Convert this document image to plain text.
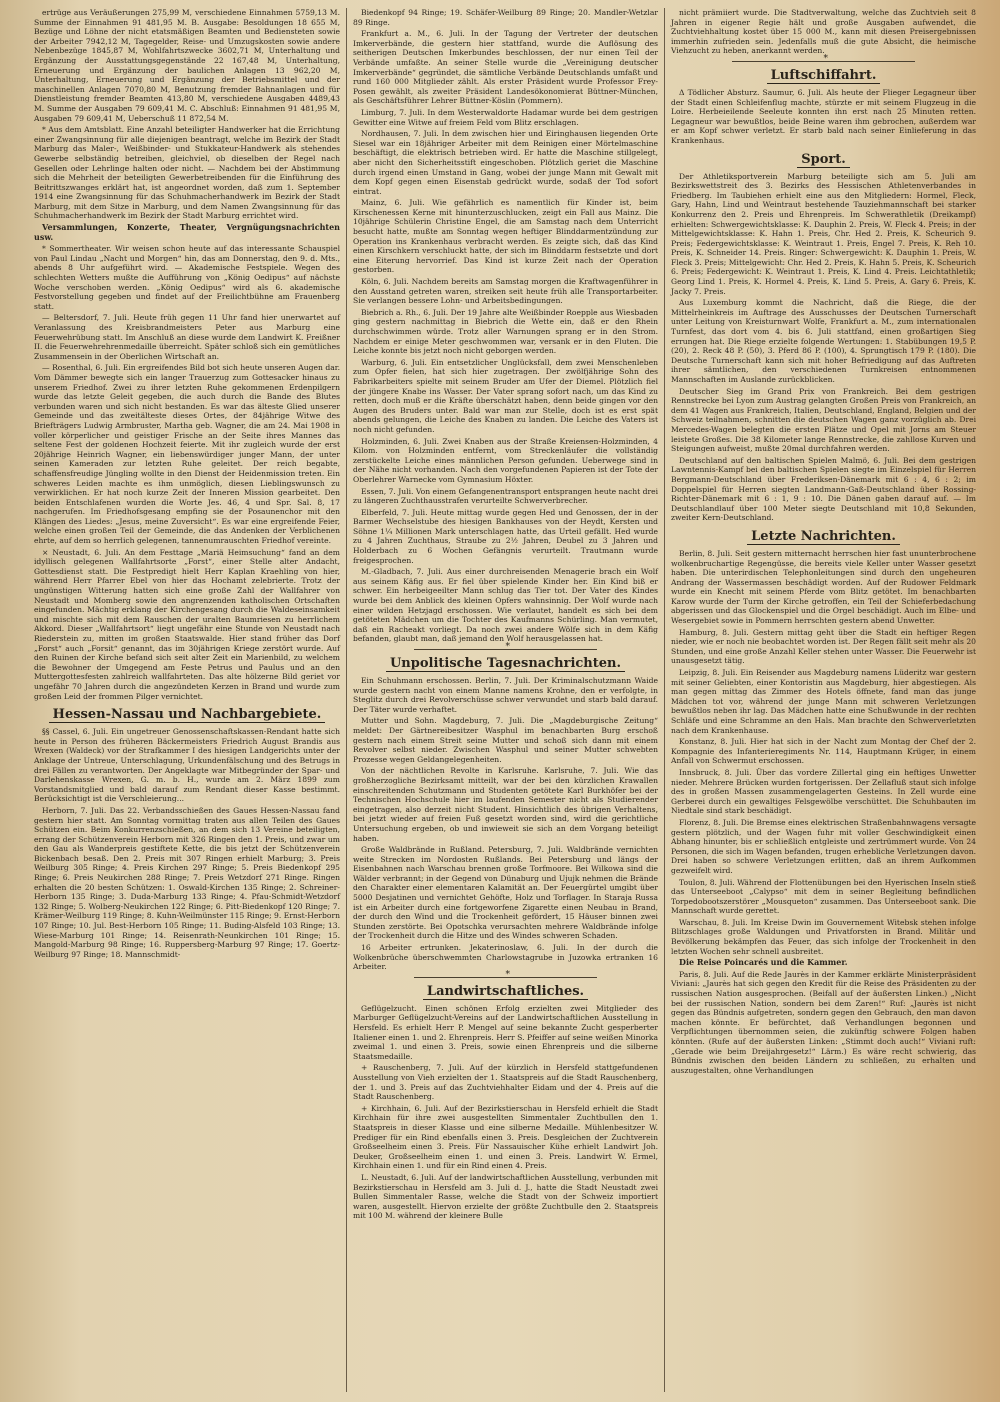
ertrüge aus Veräußerungen 275,99 M, verschiedene Einnahmen 5759,13 M. Summe der Einnahmen 91 481,95 M. B. Ausgabe: Besoldungen 18 655 M, Bezüge und Löhne der nicht etatsmäßigen Beamten und Bediensteten sowie der Arbeiter 7942,12 M, Tagegelder, Reise- und Umzugskosten sowie andere Nebenbezüge 1845,87 M, Wohlfahrtszwecke 3602,71 M, Unterhaltung und Ergänzung der Ausstattungsgegenstände 22 167,48 M, Unterhaltung, Erneuerung und Ergänzung der baulichen Anlagen 13 962,20 M, Unterhaltung, Erneuerung und Ergänzung der Betriebsmittel und der maschinellen Anlagen 7070,80 M, Benutzung fremder Bahnanlagen und für Dienstleistung fremder Beamten 413,80 M, verschiedene Ausgaben 4489,43 M. Summe der Ausgaben 79 609,41 M. C. Abschluß: Einnahmen 91 481,95 M, Ausgaben 79 609,41 M, Ueberschuß 11 872,54 M.

* Aus dem Amtsblatt. Eine Anzahl beteiligter Handwerker hat die Errichtung einer Zwangsinnung für alle diejenigen beantragt, welche im Bezirk der Stadt Marburg das Maler-, Weißbinder- und Stukkateur-Handwerk als stehendes Gewerbe selbständig betreiben, gleichviel, ob dieselben der Regel nach Gesellen oder Lehrlinge halten oder nicht. — Nachdem bei der Abstimmung sich die Mehrheit der beteiligten Gewerbetreibenden für die Einführung des Beitrittszwanges erklärt hat, ist angeordnet worden, daß zum 1. September 1914 eine Zwangsinnung für das Schuhmacherhandwerk im Bezirk der Stadt Marburg, mit dem Sitze in Marburg, und dem Namen Zwangsinnung für das Schuhmacherhandwerk im Bezirk der Stadt Marburg errichtet wird.

Versammlungen, Konzerte, Theater, Vergnügungsnachrichten usw.

* Sommertheater. Wir weisen schon heute auf das interessante Schauspiel von Paul Lindau „Nacht und Morgen“ hin, das am Donnerstag, den 9. d. Mts., abends 8 Uhr aufgeführt wird. — Akademische Festspiele. Wegen des schlechten Wetters mußte die Aufführung von „König Oedipus“ auf nächste Woche verschoben werden. „König Oedipus“ wird als 6. akademische Festvorstellung gegeben und findet auf der Freilichtbühne am Frauenberg statt.

— Beltersdorf, 7. Juli. Heute früh gegen 11 Uhr fand hier unerwartet auf Veranlassung des Kreisbrandmeisters Peter aus Marburg eine Feuerwehrübung statt. Im Anschluß an diese wurde dem Landwirt K. Freißner II. die Feuerwehrehrenmedaille überreicht. Später schloß sich ein gemütliches Zusammensein in der Oberlichen Wirtschaft an.

— Rosenthal, 6. Juli. Ein ergreifendes Bild bot sich heute unseren Augen dar. Vom Dämmer bewegte sich ein langer Trauerzug zum Gottesacker hinaus zu unserem Friedhof. Zwei zu ihrer letzten Ruhe gekommenen Erdenpilgern wurde das letzte Geleit gegeben, die auch durch die Bande des Blutes verbunden waren und sich nicht bestanden. Es war das älteste Glied unserer Gemeinde und das zweitälteste dieses Ortes, der 84jährige Witwe des Briefträgers Ludwig Armbruster, Martha geb. Wagner, die am 24. Mai 1908 in voller körperlicher und geistiger Frische an der Seite ihres Mannes das seltene Fest der goldenen Hochzeit feierte. Mit ihr zugleich wurde der erst 20jährige Heinrich Wagner, ein liebenswürdiger junger Mann, der unter seinen Kameraden zur letzten Ruhe geleitet. Der reich begabte, schaffensfreudige Jüngling wollte in den Dienst der Heidenmission treten. Ein schweres Leiden machte es ihm unmöglich, diesen Lieblingswunsch zu verwirklichen. Er hat noch kurze Zeit der Inneren Mission gearbeitet. Den beiden Entschlafenen wurden die Worte Jes. 46, 4 und Spr. Sal. 8, 17 nachgerufen. Im Friedhofsgesang empfing sie der Posaunenchor mit den Klängen des Liedes: „Jesus, meine Zuversicht“. Es war eine ergreifende Feier, welche einen großen Teil der Gemeinde, die das Andenken der Verblichenen ehrte, auf dem so herrlich gelegenen, tannenumrauschten Friedhof vereinte.

× Neustadt, 6. Juli. An dem Festtage „Mariä Heimsuchung“ fand an dem idyllisch gelegenen Wallfahrtsorte „Forst“, einer Stelle alter Andacht, Gottesdienst statt. Die Festpredigt hielt Herr Kaplan Kraehling von hier, während Herr Pfarrer Ebel von hier das Hochamt zelebrierte. Trotz der ungünstigen Witterung hatten sich eine große Zahl der Wallfahrer von Neustadt und Momberg sowie den angrenzenden katholischen Ortschaften eingefunden. Mächtig erklang der Kirchengesang durch die Waldeseinsamkeit und mischte sich mit dem Rauschen der uralten Baumriesen zu herrlichem Akkord. Dieser „Wallfahrtsort“ liegt ungefähr eine Stunde von Neustadt nach Riederstein zu, mitten im großen Staatswalde. Hier stand früher das Dorf „Forst“ auch „Forsit“ genannt, das im 30jährigen Kriege zerstört wurde. Auf den Ruinen der Kirche befand sich seit alter Zeit ein Marienbild, zu welchem die Bewohner der Umgegend am Feste Petrus und Paulus und an den Muttergottesfesten zahlreich wallfahrteten. Das alte hölzerne Bild geriet vor ungefähr 70 Jahren durch die angezündeten Kerzen in Brand und wurde zum großen Leid der frommen Pilger vernichtet.

Hessen-Nassau und Nachbargebiete.

§§ Cassel, 6. Juli. Ein ungetreuer Genossenschaftskassen-Rendant hatte sich heute in Person des früheren Bäckermeisters Friedrich August Brandis aus Wrexen (Waldeck) vor der Strafkammer I des hiesigen Landgerichts unter der Anklage der Untreue, Unterschlagung, Urkundenfälschung und des Betrugs in drei Fällen zu verantworten. Der Angeklagte war Mitbegründer der Spar- und Darlehenskasse Wrexen, G. m. b. H., wurde am 2. März 1899 zum Vorstandsmitglied und bald darauf zum Rendant dieser Kasse bestimmt. Berücksichtigt ist die Verschleierung...

Herborn, 7. Juli. Das 22. Verbandsschießen des Gaues Hessen-Nassau fand gestern hier statt. Am Sonntag vormittag traten aus allen Teilen des Gaues Schützen ein. Beim Konkurrenzschießen, an dem sich 13 Vereine beteiligten, errang der Schützenverein Herborn mit 326 Ringen den 1. Preis, und zwar um den Gau als Wanderpreis gestiftete Kette, die bis jetzt der Schützenverein Bickenbach besaß. Den 2. Preis mit 307 Ringen erhielt Marburg; 3. Preis Weilburg 305 Ringe; 4. Preis Kirchen 297 Ringe; 5. Preis Biedenkopf 295 Ringe; 6. Preis Neukirchen 288 Ringe; 7. Preis Wetzdorf 271 Ringe. Ringen erhalten die 20 besten Schützen: 1. Oswald-Kirchen 135 Ringe; 2. Schreiner-Herborn 135 Ringe; 3. Duda-Marburg 133 Ringe; 4. Pfau-Schmidt-Wetzdorf 132 Ringe; 5. Wolberg-Neukirchen 122 Ringe; 6. Pitt-Biedenkopf 120 Ringe; 7. Krämer-Weilburg 119 Ringe; 8. Kuhn-Weilmünster 115 Ringe; 9. Ernst-Herborn 107 Ringe; 10. Jul. Best-Herborn 105 Ringe; 11. Buding-Alsfeld 103 Ringe; 13. Wiese-Marburg 101 Ringe; 14. Reisenrath-Neunkirchen 101 Ringe; 15. Mangold-Marburg 98 Ringe; 16. Ruppersberg-Marburg 97 Ringe; 17. Goertz-Weilburg 97 Ringe; 18. Mannschmidt-

Biedenkopf 94 Ringe; 19. Schäfer-Weilburg 89 Ringe; 20. Mandler-Wetzlar 89 Ringe.

Frankfurt a. M., 6. Juli. In der Tagung der Vertreter der deutschen Imkerverbände, die gestern hier stattfand, wurde die Auflösung des seitherigen Deutschen Imkerbundes beschlossen, der nur einen Teil der Verbände umfaßte. An seiner Stelle wurde die „Vereinigung deutscher Imkerverbände“ gegründet, die sämtliche Verbände Deutschlands umfaßt und rund 160 000 Mitglieder zählt. Als erster Präsident wurde Professor Frey-Posen gewählt, als zweiter Präsident Landesökonomierat Büttner-München, als Geschäftsführer Lehrer Büttner-Köslin (Pommern).

Limburg, 7. Juli. In dem Westerwaldorte Hadamar wurde bei dem gestrigen Gewitter eine Witwe auf freiem Feld vom Blitz erschlagen.

Nordhausen, 7. Juli. In dem zwischen hier und Eiringhausen liegenden Orte Siesel war ein 18jähriger Arbeiter mit dem Reinigen einer Mörtelmaschine beschäftigt, die elektrisch betrieben wird. Er hatte die Maschine stillgelegt, aber nicht den Sicherheitsstift eingeschoben. Plötzlich geriet die Maschine durch irgend einen Umstand in Gang, wobei der junge Mann mit Gewalt mit dem Kopf gegen einen Eisenstab gedrückt wurde, sodaß der Tod sofort eintrat.

Mainz, 6. Juli. Wie gefährlich es namentlich für Kinder ist, beim Kirschenessen Kerne mit hinunterzuschlucken, zeigt ein Fall aus Mainz. Die 10jährige Schülerin Christine Engel, die am Samstag nach dem Unterricht besucht hatte, mußte am Sonntag wegen heftiger Blinddarmentzündung zur Operation ins Krankenhaus verbracht werden. Es zeigte sich, daß das Kind einen Kirschkern verschluckt hatte, der sich im Blinddarm festsetzte und dort eine Eiterung hervorrief. Das Kind ist kurze Zeit nach der Operation gestorben.

Köln, 6. Juli. Nachdem bereits am Samstag morgen die Kraftwagenführer in den Ausstand getreten waren, streiken seit heute früh alle Transportarbeiter. Sie verlangen bessere Lohn- und Arbeitsbedingungen.

Biebrich a. Rh., 6. Juli. Der 19 Jahre alte Weißbinder Roepple aus Wiesbaden ging gestern nachmittag in Biebrich die Wette ein, daß er den Rhein durchschwimmen würde. Trotz aller Warnungen sprang er in den Strom. Nachdem er einige Meter geschwommen war, versank er in den Fluten. Die Leiche konnte bis jetzt noch nicht geborgen werden.

Warburg, 6. Juli. Ein entsetzlicher Unglücksfall, dem zwei Menschenleben zum Opfer fielen, hat sich hier zugetragen. Der zwölfjährige Sohn des Fabrikarbeiters spielte mit seinem Bruder am Ufer der Diemel. Plötzlich fiel der jüngere Knabe ins Wasser. Der Vater sprang sofort nach, um das Kind zu retten, doch muß er die Kräfte überschätzt haben, denn beide gingen vor den Augen des Bruders unter. Bald war man zur Stelle, doch ist es erst spät abends gelungen, die Leiche des Knaben zu landen. Die Leiche des Vaters ist noch nicht gefunden.

Holzminden, 6. Juli. Zwei Knaben aus der Straße Kreiensen-Holzminden, 4 Kilom. von Holzminden entfernt, vom Streckenläufer die vollständig zerstückelte Leiche eines männlichen Person gefunden. Ueberwege sind in der Nähe nicht vorhanden. Nach den vorgefundenen Papieren ist der Tote der Oberlehrer Warnecke vom Gymnasium Höxter.

Essen, 7. Juli. Von einem Gefangenentransport entsprangen heute nacht drei zu längeren Zuchthausstrafen verurteilte Schwerverbrecher.

Elberfeld, 7. Juli. Heute mittag wurde gegen Hed und Genossen, der in der Barmer Wechselstube des hiesigen Bankhauses von der Heydt, Kersten und Söhne 1¼ Millionen Mark unterschlagen hatte, das Urteil gefällt. Hed wurde zu 4 Jahren Zuchthaus, Straube zu 2½ Jahren, Deubel zu 3 Jahren und Holderbach zu 6 Wochen Gefängnis verurteilt. Trautmann wurde freigesprochen.

M.-Gladbach, 7. Juli. Aus einer durchreisenden Menagerie brach ein Wolf aus seinem Käfig aus. Er fiel über spielende Kinder her. Ein Kind biß er schwer. Ein herbeigeeilter Mann schlug das Tier tot. Der Vater des Kindes wurde bei dem Anblick des kleinen Opfers wahnsinnig. Der Wolf wurde nach einer wilden Hetzjagd erschossen. Wie verlautet, handelt es sich bei dem getöteten Mädchen um die Tochter des Kaufmanns Schürling. Man vermutet, daß ein Racheakt vorliegt. Da noch zwei andere Wölfe sich in dem Käfig befanden, glaubt man, daß jemand den Wolf herausgelassen hat.

*
Unpolitische Tagesnachrichten.

Ein Schuhmann erschossen. Berlin, 7. Juli. Der Kriminalschutzmann Waide wurde gestern nacht von einem Manne namens Krohne, den er verfolgte, in Steglitz durch drei Revolverschüsse schwer verwundet und starb bald darauf. Der Täter wurde verhaftet.

Mutter und Sohn. Magdeburg, 7. Juli. Die „Magdeburgische Zeitung“ meldet: Der Gärtnereibesitzer Wasphul im benachbarten Burg erschoß gestern nach einem Streit seine Mutter und schoß sich dann mit einem Revolver selbst nieder. Zwischen Wasphul und seiner Mutter schwebten Prozesse wegen Geldangelegenheiten.

Von der nächtlichen Revolte in Karlsruhe. Karlsruhe, 7. Juli. Wie das großherzogliche Bezirksamt mitteilt, war der bei den kürzlichen Krawallen einschreitenden Schutzmann und Studenten getötete Karl Burkhöfer bei der Technischen Hochschule hier im laufenden Semester nicht als Studierender eingetragen, also derzeit nicht Student. Hinsichtlich des übrigen Verhaltens, bei jetzt wieder auf freien Fuß gesetzt worden sind, wird die gerichtliche Untersuchung ergeben, ob und inwieweit sie sich an dem Vorgang beteiligt haben.

Große Waldbrände in Rußland. Petersburg, 7. Juli. Waldbrände vernichten weite Strecken im Nordosten Rußlands. Bei Petersburg und längs der Eisenbahnen nach Warschau brennen große Torfmoore. Bei Wilkowa sind die Wälder verbrannt; in der Gegend von Dünaburg und Ujujk nehmen die Brände den Charakter einer elementaren Kalamität an. Der Feuergürtel umgibt über 5000 Desjatinen und vernichtet Gehöfte, Holz und Torflager. In Staraja Russa ist ein Arbeiter durch eine fortgeworfene Zigarette einen Neubau in Brand, der durch den Wind und die Trockenheit gefördert, 15 Häuser binnen zwei Stunden zerstörte. Bei Opotschka verursachten mehrere Waldbrände infolge der Trockenheit durch die Hitze und des Windes schweren Schaden.

16 Arbeiter ertrunken. Jekaterinoslaw, 6. Juli. In der durch die Wolkenbrüche überschwemmten Charlowstagrube in Juzowka ertranken 16 Arbeiter.

*
Landwirtschaftliches.

Geflügelzucht. Einen schönen Erfolg erzielten zwei Mitglieder des Marburger Geflügelzucht-Vereins auf der Landwirtschaftlichen Ausstellung in Hersfeld. Es erhielt Herr P. Mengel auf seine bekannte Zucht gesperberter Italiener einen 1. und 2. Ehrenpreis. Herr S. Pfeiffer auf seine weißen Minorka zweimal 1. und einen 3. Preis, sowie einen Ehrenpreis und die silberne Staatsmedaille.

+ Rauschenberg, 7. Juli. Auf der kürzlich in Hersfeld stattgefundenen Ausstellung von Vieh erzielten der 1. Staatspreis auf die Stadt Rauschenberg, der 1. und 3. Preis auf das Zuchtviehhalter Eidam und der 4. Preis auf die Stadt Rauschenberg.

+ Kirchhain, 6. Juli. Auf der Bezirkstierschau in Hersfeld erhielt die Stadt Kirchhain für ihre zwei ausgestellten Simmentaler Zuchtbullen den 1. Staatspreis in dieser Klasse und eine silberne Medaille. Mühlenbesitzer W. Prediger für ein Rind ebenfalls einen 3. Preis. Desgleichen der Zuchtverein Großseelheim einen 3. Preis. Für Nassauischer Kühe erhielt Landwirt Joh. Deuker, Großseelheim einen 1. und einen 3. Preis. Landwirt W. Ermel, Kirchhain einen 1. und für ein Rind einen 4. Preis.

L. Neustadt, 6. Juli. Auf der landwirtschaftlichen Ausstellung, verbunden mit Bezirkstierschau in Hersfeld am 3. Juli d. J., hatte die Stadt Neustadt zwei Bullen Simmentaler Rasse, welche die Stadt von der Schweiz importiert waren, ausgestellt. Hiervon erzielte der größte Zuchtbulle den 2. Staatspreis mit 100 M. während der kleinere Bulle

nicht prämiiert wurde. Die Stadtverwaltung, welche das Zuchtvieh seit 8 Jahren in eigener Regie hält und große Ausgaben aufwendet, die Zuchtviehhaltung kostet über 15 000 M., kann mit diesen Preisergebnissen immerhin zufrieden sein. Jedenfalls muß die gute Absicht, die heimische Viehzucht zu heben, anerkannt werden.

*
Luftschiffahrt.

Δ Tödlicher Absturz. Saumur, 6. Juli. Als heute der Flieger Legagneur über der Stadt einen Schleifenflug machte, stürzte er mit seinem Flugzeug in die Loire. Herbeieilende Seeleute konnten ihn erst nach 25 Minuten retten. Legagneur war bewußtlos, beide Beine waren ihm gebrochen, außerdem war er am Kopf schwer verletzt. Er starb bald nach seiner Einlieferung in das Krankenhaus.

Sport.

Der Athletiksportverein Marburg beteiligte sich am 5. Juli am Bezirkswettstreit des 3. Bezirks des Hessischen Athletenverbandes in Friedberg. Im Taubiehen erhielt eine aus den Mitgliedern: Hormel, Fleck, Gary, Hahn, Lind und Weintraut bestehende Tauziehmannschaft bei starker Konkurrenz den 2. Preis und Ehrenpreis. Im Schwerathletik (Dreikampf) erhielten: Schwergewichtsklasse: K. Dauphin 2. Preis, W. Fleck 4. Preis; in der Mittelgewichtsklasse: K. Hahn 1. Preis, Chr. Hed 2. Preis, K. Scheurich 9. Preis; Federgewichtsklasse: K. Weintraut 1. Preis, Engel 7. Preis, K. Reh 10. Preis, K. Schneider 14. Preis. Ringer: Schwergewicht: K. Dauphin 1. Preis, W. Fleck 3. Preis; Mittelgewicht: Chr. Hed 2. Preis, K. Hahn 5. Preis, K. Scheurich 6. Preis; Federgewicht: K. Weintraut 1. Preis, K. Lind 4. Preis. Leichtathletik; Georg Lind 1. Preis, K. Hormel 4. Preis, K. Lind 5. Preis, A. Gary 6. Preis, K. Jacky 7. Preis.

Aus Luxemburg kommt die Nachricht, daß die Riege, die der Mittelrheinkreis im Auftrage des Ausschusses der Deutschen Turnerschaft unter Leitung von Kreisturnwart Wolfe, Frankfurt a. M., zum internationalen Turnfest, das dort vom 4. bis 6. Juli stattfand, einen großartigen Sieg errungen hat. Die Riege erzielte folgende Wertungen: 1. Stabübungen 19,5 P. (20), 2. Reck 48 P. (50), 3. Pferd 86 P. (100), 4. Sprungtisch 179 P. (180). Die Deutsche Turnerschaft kann sich mit hoher Befriedigung auf das Auftreten ihrer sämtlichen, den verschiedenen Turnkreisen entnommenen Mannschaften im Auslande zurückblicken.

Deutscher Sieg im Grand Prix von Frankreich. Bei dem gestrigen Rennstrecke bei Lyon zum Austrag gelangten Großen Preis von Frankreich, an dem 41 Wagen aus Frankreich, Italien, Deutschland, England, Belgien und der Schweiz teilnahmen, schnitten die deutschen Wagen ganz vorzüglich ab. Drei Mercedes-Wagen belegten die ersten Plätze und Opel mit Jorns am Steuer leistete Großes. Die 38 Kilometer lange Rennstrecke, die zahllose Kurven und Steigungen aufweist, mußte 20mal durchfahren werden.

Deutschland auf den baltischen Spielen Malmö, 6. Juli. Bei dem gestrigen Lawntennis-Kampf bei den baltischen Spielen siegte im Einzelspiel für Herren Bergmann-Deutschland über Frederiksen-Dänemark mit 6 : 4, 6 : 2; im Doppelspiel für Herren siegten Landmann-Gaß-Deutschland über Rossing-Richter-Dänemark mit 6 : 1, 9 : 10. Die Dänen gaben darauf auf. — Im Deutschlandlauf über 100 Meter siegte Deutschland mit 10,8 Sekunden, zweiter Kern-Deutschland.

Letzte Nachrichten.

Berlin, 8. Juli. Seit gestern mitternacht herrschen hier fast ununterbrochene wolkenbruchartige Regengüsse, die bereits viele Keller unter Wasser gesetzt haben. Die unterirdischen Telephonleitungen sind durch den ungeheuren Andrang der Wassermassen beschädigt worden. Auf der Rudower Feldmark wurde ein Knecht mit seinem Pferde vom Blitz getötet. Im benachbarten Karow wurde der Turm der Kirche getroffen, ein Teil der Schieferbedachung abgerissen und das Glockenspiel und die Orgel beschädigt. Auch im Elbe- und Wesergebiet sowie in Pommern herrschten gestern abend Unwetter.

Hamburg, 8. Juli. Gestern mittag geht über die Stadt ein heftiger Regen nieder, wie er noch nie beobachtet worden ist. Der Regen fällt seit mehr als 20 Stunden, und eine große Anzahl Keller stehen unter Wasser. Die Feuerwehr ist unausgesetzt tätig.

Leipzig, 8. Juli. Ein Reisender aus Magdeburg namens Lüderitz war gestern mit seiner Geliebten, einer Kontoristin aus Magdeburg, hier abgestiegen. Als man gegen mittag das Zimmer des Hotels öffnete, fand man das junge Mädchen tot vor, während der junge Mann mit schweren Verletzungen bewußtlos neben ihr lag. Das Mädchen hatte eine Schußwunde in der rechten Schläfe und eine Schramme an den Hals. Man brachte den Schwerverletzten nach dem Krankenhause.

Konstanz, 8. Juli. Hier hat sich in der Nacht zum Montag der Chef der 2. Kompagnie des Infanterieregiments Nr. 114, Hauptmann Krüger, in einem Anfall von Schwermut erschossen.

Innsbruck, 8. Juli. Über das vordere Zillertal ging ein heftiges Unwetter nieder. Mehrere Brücken wurden fortgerissen. Der Zellafluß staut sich infolge des in großen Massen zusammengelagerten Gesteins. In Zell wurde eine Gerberei durch ein gewaltiges Felsgewölbe verschüttet. Die Schuhbauten im Niedtale sind stark beschädigt.

Florenz, 8. Juli. Die Bremse eines elektrischen Straßenbahnwagens versagte gestern plötzlich, und der Wagen fuhr mit voller Geschwindigkeit einen Abhang hinunter, bis er schließlich entgleiste und zertrümmert wurde. Von 24 Personen, die sich im Wagen befanden, trugen erhebliche Verletzungen davon. Drei haben so schwere Verletzungen erlitten, daß an ihrem Aufkommen gezweifelt wird.

Toulon, 8. Juli. Während der Flottenübungen bei den Hyerischen Inseln stieß das Unterseeboot „Calypso“ mit dem in seiner Begleitung befindlichen Torpedobootszerstörer „Mousqueton“ zusammen. Das Unterseeboot sank. Die Mannschaft wurde gerettet.

Warschau, 8. Juli. Im Kreise Dwin im Gouvernement Witebsk stehen infolge Blitzschlages große Waldungen und Privatforsten in Brand. Militär und Bevölkerung bekämpfen das Feuer, das sich infolge der Trockenheit in den letzten Wochen sehr schnell ausbreitet.

Die Reise Poincarés und die Kammer.

Paris, 8. Juli. Auf die Rede Jaurès in der Kammer erklärte Ministerpräsident Viviani: „Jaurès hat sich gegen den Kredit für die Reise des Präsidenten zu der russischen Nation ausgesprochen. (Beifall auf der äußersten Linken.) „Nicht bei der russischen Nation, sondern bei dem Zaren!“ Ruf: „Jaurès ist nicht gegen das Bündnis aufgetreten, sondern gegen den Gebrauch, den man davon machen könnte. Er befürchtet, daß Verhandlungen begonnen und Verpflichtungen übernommen seien, die zukünftig schwere Folgen haben könnten. (Rufe auf der äußersten Linken: „Stimmt doch auch!“ Viviani ruft: „Gerade wie beim Dreijahrgesetz!“ Lärm.) Es wäre recht schwierig, das Bündnis zwischen den beiden Ländern zu schließen, zu erhalten und auszugestalten, ohne Verhandlungen
